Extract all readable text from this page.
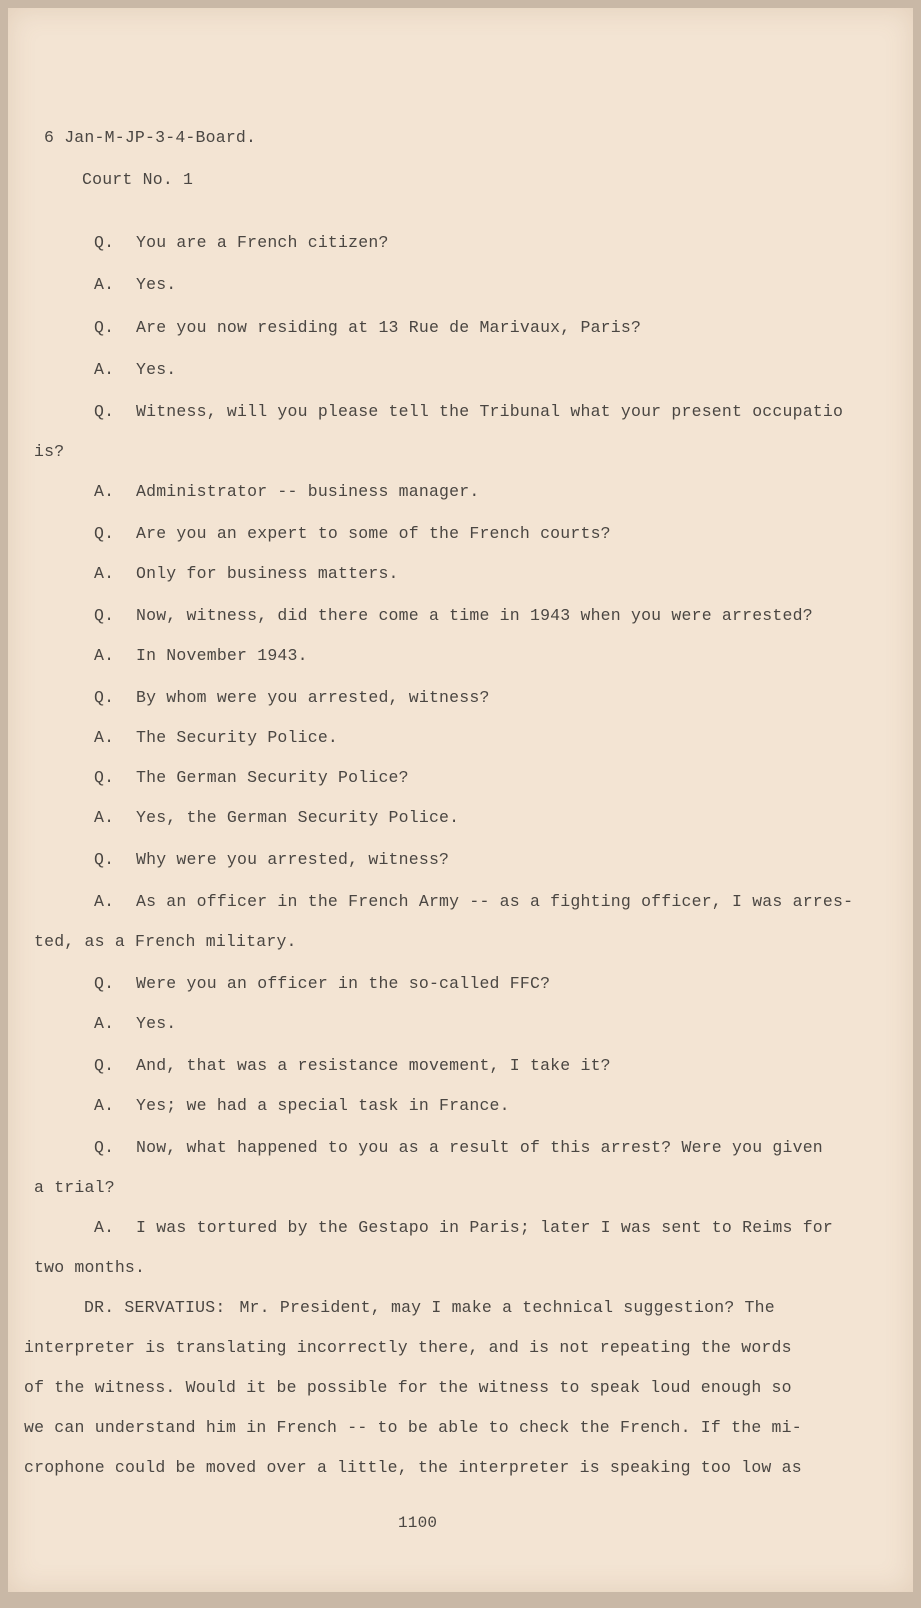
6 Jan-M-JP-3-4-Board.
Court No. 1
Q. You are a French citizen?
A. Yes.
Q. Are you now residing at 13 Rue de Marivaux, Paris?
A. Yes.
Q. Witness, will you please tell the Tribunal what your present occupatio
is?
A. Administrator -- business manager.
Q. Are you an expert to some of the French courts?
A. Only for business matters.
Q. Now, witness, did there come a time in 1943 when you were arrested?
A. In November 1943.
Q. By whom were you arrested, witness?
A. The Security Police.
Q. The German Security Police?
A. Yes, the German Security Police.
Q. Why were you arrested, witness?
A. As an officer in the French Army -- as a fighting officer, I was arres-
ted, as a French military.
Q. Were you an officer in the so-called FFC?
A. Yes.
Q. And, that was a resistance movement, I take it?
A. Yes; we had a special task in France.
Q. Now, what happened to you as a result of this arrest? Were you given
a trial?
A. I was tortured by the Gestapo in Paris; later I was sent to Reims for
two months.
DR. SERVATIUS: Mr. President, may I make a technical suggestion? The
interpreter is translating incorrectly there, and is not repeating the words
of the witness. Would it be possible for the witness to speak loud enough so
we can understand him in French -- to be able to check the French. If the mi-
crophone could be moved over a little, the interpreter is speaking too low as
1100
